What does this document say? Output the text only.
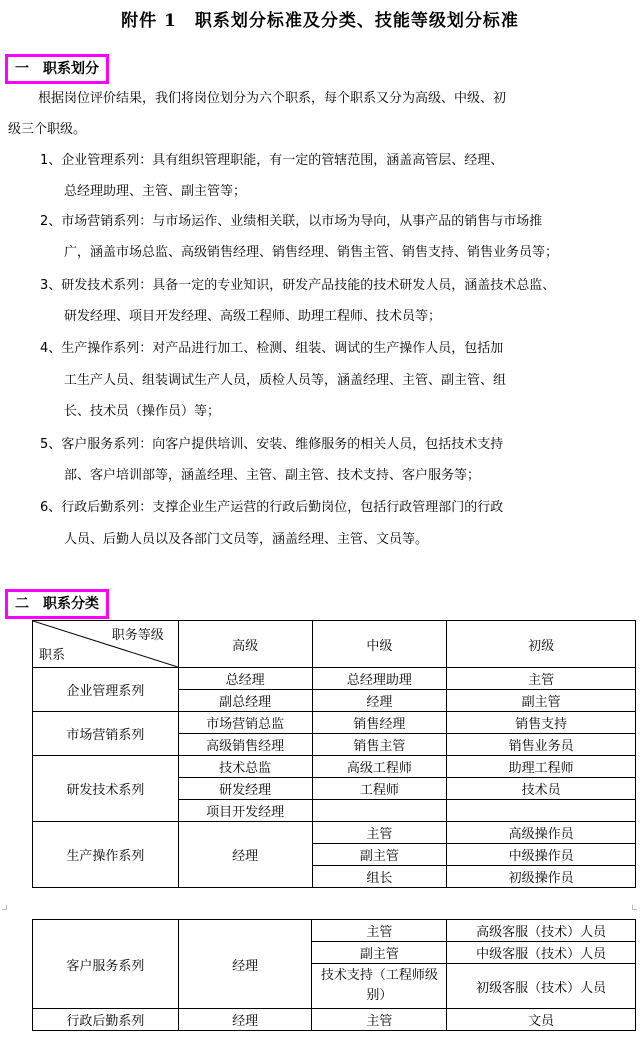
附件 1　职系划分标准及分类、技能等级划分标准
一　职系划分
根据岗位评价结果，我们将岗位划分为六个职系，每个职系又分为高级、中级、初
级三个职级。
1、企业管理系列：具有组织管理职能，有一定的管辖范围，涵盖高管层、经理、
总经理助理、主管、副主管等；
2、市场营销系列：与市场运作、业绩相关联，以市场为导向，从事产品的销售与市场推
广，涵盖市场总监、高级销售经理、销售经理、销售主管、销售支持、销售业务员等；
3、研发技术系列：具备一定的专业知识，研发产品技能的技术研发人员，涵盖技术总监、
研发经理、项目开发经理、高级工程师、助理工程师、技术员等；
4、生产操作系列：对产品进行加工、检测、组装、调试的生产操作人员，包括加
工生产人员、组装调试生产人员，质检人员等，涵盖经理、主管、副主管、组
长、技术员（操作员）等；
5、客户服务系列：向客户提供培训、安装、维修服务的相关人员，包括技术支持
部、客户培训部等，涵盖经理、主管、副主管、技术支持、客户服务等；
6、行政后勤系列：支撑企业生产运营的行政后勤岗位，包括行政管理部门的行政
人员、后勤人员以及各部门文员等，涵盖经理、主管、文员等。
二　职系分类
职务等级
职系	高级	中级	初级
企业管理系列	总经理	总经理助理	主管
	副总经理	经理	副主管
市场营销系列	市场营销总监	销售经理	销售支持
	高级销售经理	销售主管	销售业务员
研发技术系列	技术总监	高级工程师	助理工程师
	研发经理	工程师	技术员
	项目开发经理		
生产操作系列	经理	主管	高级操作员
		副主管	中级操作员
		组长	初级操作员
客户服务系列	经理	主管	高级客服（技术）人员
		副主管	中级客服（技术）人员
		技术支持（工程师级别）	初级客服（技术）人员
行政后勤系列	经理	主管	文员
